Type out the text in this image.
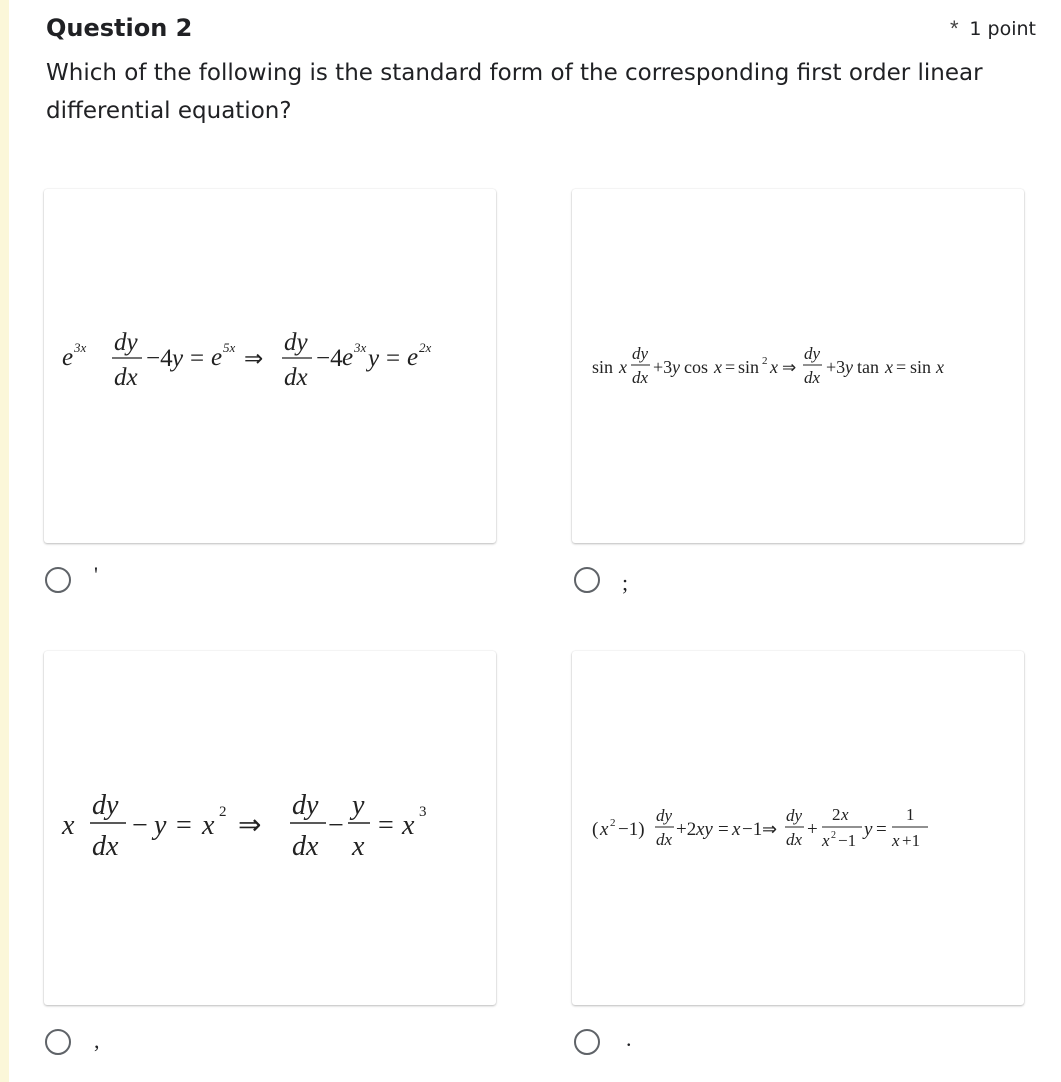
Question 2	* 1 point
Which of the following is the standard form of the corresponding first order linear differential equation?
e 3x dy
dx
−4 y = e 5x ⇒
dy
dx
−4 e 3x y = e 2x
'
sin x
dy
dx
+3 y cos x = sin 2 x ⇒
dy
dx
+3 y tan x = sin x
;
x
dy
dx
− y = x 2 ⇒
dy
dx
−
y
x
= x 3
,
( x 2 −1)
dy
dx +2 xy = x −1 ⇒
dy
dx +
2 x
x 2 −1
y =
1
x +1
.
